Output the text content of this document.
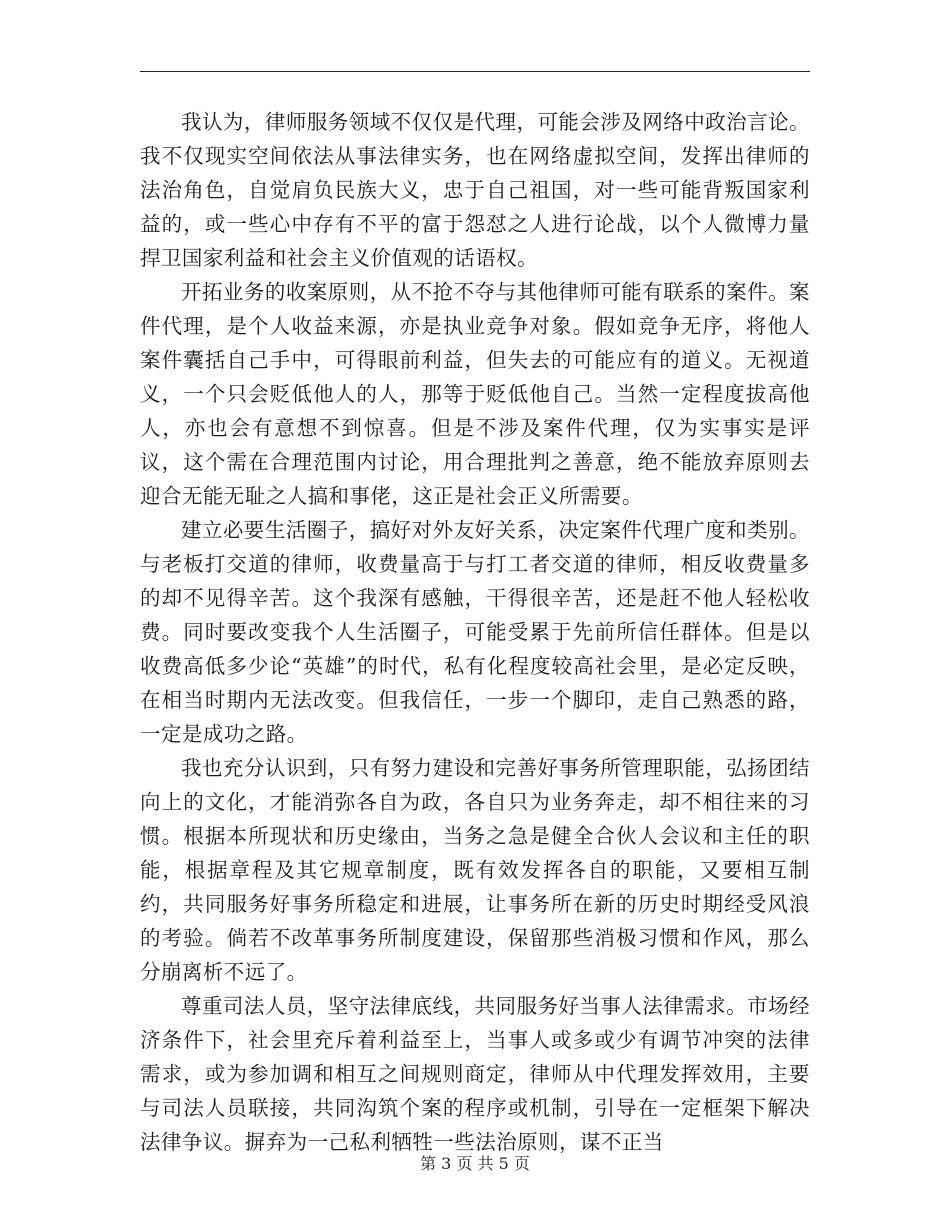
我认为，律师服务领域不仅仅是代理，可能会涉及网络中政治言论。我不仅现实空间依法从事法律实务，也在网络虚拟空间，发挥出律师的法治角色，自觉肩负民族大义，忠于自己祖国，对一些可能背叛国家利益的，或一些心中存有不平的富于怨怼之人进行论战，以个人微博力量捍卫国家利益和社会主义价值观的话语权。

开拓业务的收案原则，从不抢不夺与其他律师可能有联系的案件。案件代理，是个人收益来源，亦是执业竞争对象。假如竞争无序，将他人案件囊括自己手中，可得眼前利益，但失去的可能应有的道义。无视道义，一个只会贬低他人的人，那等于贬低他自己。当然一定程度拔高他人，亦也会有意想不到惊喜。但是不涉及案件代理，仅为实事实是评议，这个需在合理范围内讨论，用合理批判之善意，绝不能放弃原则去迎合无能无耻之人搞和事佬，这正是社会正义所需要。

建立必要生活圈子，搞好对外友好关系，决定案件代理广度和类别。与老板打交道的律师，收费量高于与打工者交道的律师，相反收费量多的却不见得辛苦。这个我深有感触，干得很辛苦，还是赶不他人轻松收费。同时要改变我个人生活圈子，可能受累于先前所信任群体。但是以收费高低多少论“英雄”的时代，私有化程度较高社会里，是必定反映，在相当时期内无法改变。但我信任，一步一个脚印，走自己熟悉的路，一定是成功之路。

我也充分认识到，只有努力建设和完善好事务所管理职能，弘扬团结向上的文化，才能消弥各自为政，各自只为业务奔走，却不相往来的习惯。根据本所现状和历史缘由，当务之急是健全合伙人会议和主任的职能，根据章程及其它规章制度，既有效发挥各自的职能，又要相互制约，共同服务好事务所稳定和进展，让事务所在新的历史时期经受风浪的考验。倘若不改革事务所制度建设，保留那些消极习惯和作风，那么分崩离析不远了。

尊重司法人员，坚守法律底线，共同服务好当事人法律需求。市场经济条件下，社会里充斥着利益至上，当事人或多或少有调节冲突的法律需求，或为参加调和相互之间规则商定，律师从中代理发挥效用，主要与司法人员联接，共同沟筑个案的程序或机制，引导在一定框架下解决法律争议。摒弃为一己私利牺牲一些法治原则，谋不正当

第 3 页 共 5 页
